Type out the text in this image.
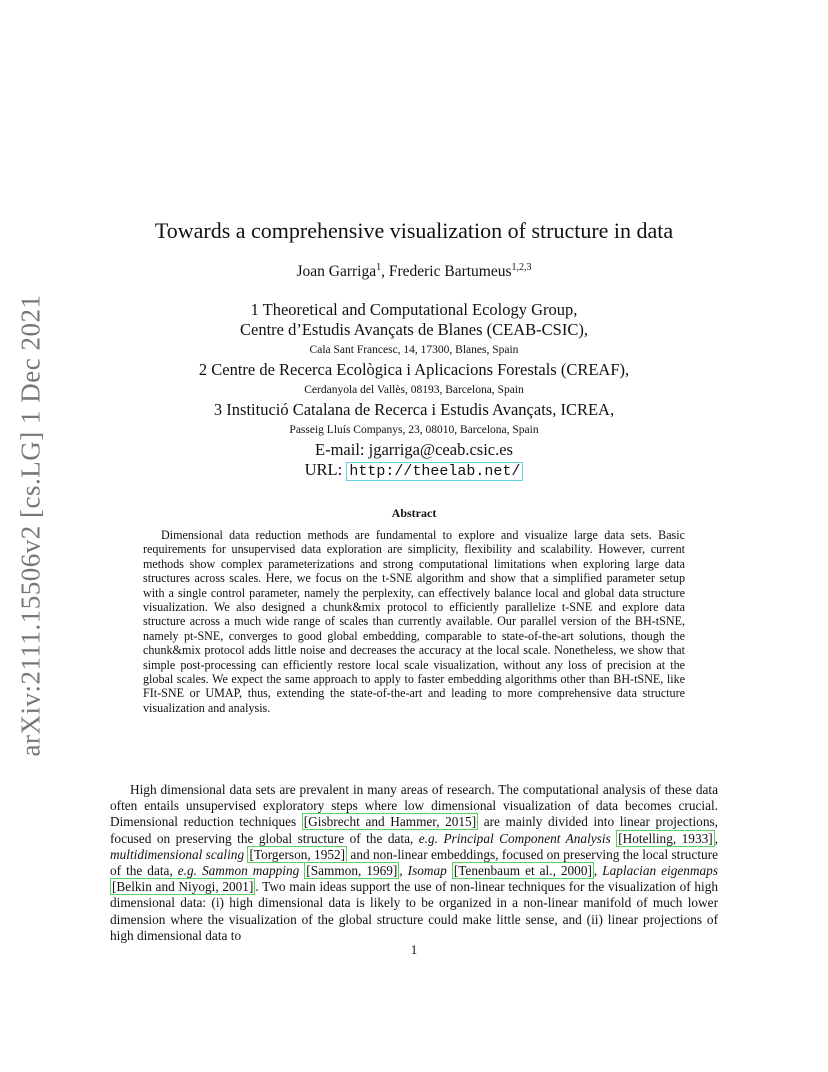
arXiv:2111.15506v2 [cs.LG] 1 Dec 2021
Towards a comprehensive visualization of structure in data
Joan Garriga$^1$, Frederic Bartumeus$^{1,2,3}$
1 Theoretical and Computational Ecology Group,
Centre d’Estudis Avançats de Blanes (CEAB-CSIC),
Cala Sant Francesc, 14, 17300, Blanes, Spain
2 Centre de Recerca Ecològica i Aplicacions Forestals (CREAF),
Cerdanyola del Vallès, 08193, Barcelona, Spain
3 Institució Catalana de Recerca i Estudis Avançats, ICREA,
Passeig Lluís Companys, 23, 08010, Barcelona, Spain
E-mail: jgarriga@ceab.csic.es
URL: http://theelab.net/
Abstract

Dimensional data reduction methods are fundamental to explore and visualize large data sets. Basic requirements for unsupervised data exploration are simplicity, flexibility and scalability. However, current methods show complex parameterizations and strong computational limitations when exploring large data structures across scales. Here, we focus on the t-SNE algorithm and show that a simplified parameter setup with a single control parameter, namely the perplexity, can effectively balance local and global data structure visualization. We also designed a chunk&mix protocol to efficiently parallelize t-SNE and explore data structure across a much wide range of scales than currently available. Our parallel version of the BH-tSNE, namely pt-SNE, converges to good global embedding, comparable to state-of-the-art solutions, though the chunk&mix protocol adds little noise and decreases the accuracy at the local scale. Nonetheless, we show that simple post-processing can efficiently restore local scale visualization, without any loss of precision at the global scales. We expect the same approach to apply to faster embedding algorithms other than BH-tSNE, like FIt-SNE or UMAP, thus, extending the state-of-the-art and leading to more comprehensive data structure visualization and analysis.

High dimensional data sets are prevalent in many areas of research. The computational analysis of these data often entails unsupervised exploratory steps where low dimensional visualization of data becomes crucial. Dimensional reduction techniques [Gisbrecht and Hammer, 2015] are mainly divided into linear projections, focused on preserving the global structure of the data, e.g. Principal Component Analysis [Hotelling, 1933] , multidimensional scaling [Torgerson, 1952] and non-linear embeddings, focused on preserving the local structure of the data, e.g. Sammon mapping [Sammon, 1969] , Isomap [Tenenbaum et al., 2000] , Laplacian eigenmaps [Belkin and Niyogi, 2001] . Two main ideas support the use of non-linear techniques for the visualization of high dimensional data: (i) high dimensional data is likely to be organized in a non-linear manifold of much lower dimension where the visualization of the global structure could make little sense, and (ii) linear projections of high dimensional data to

1
